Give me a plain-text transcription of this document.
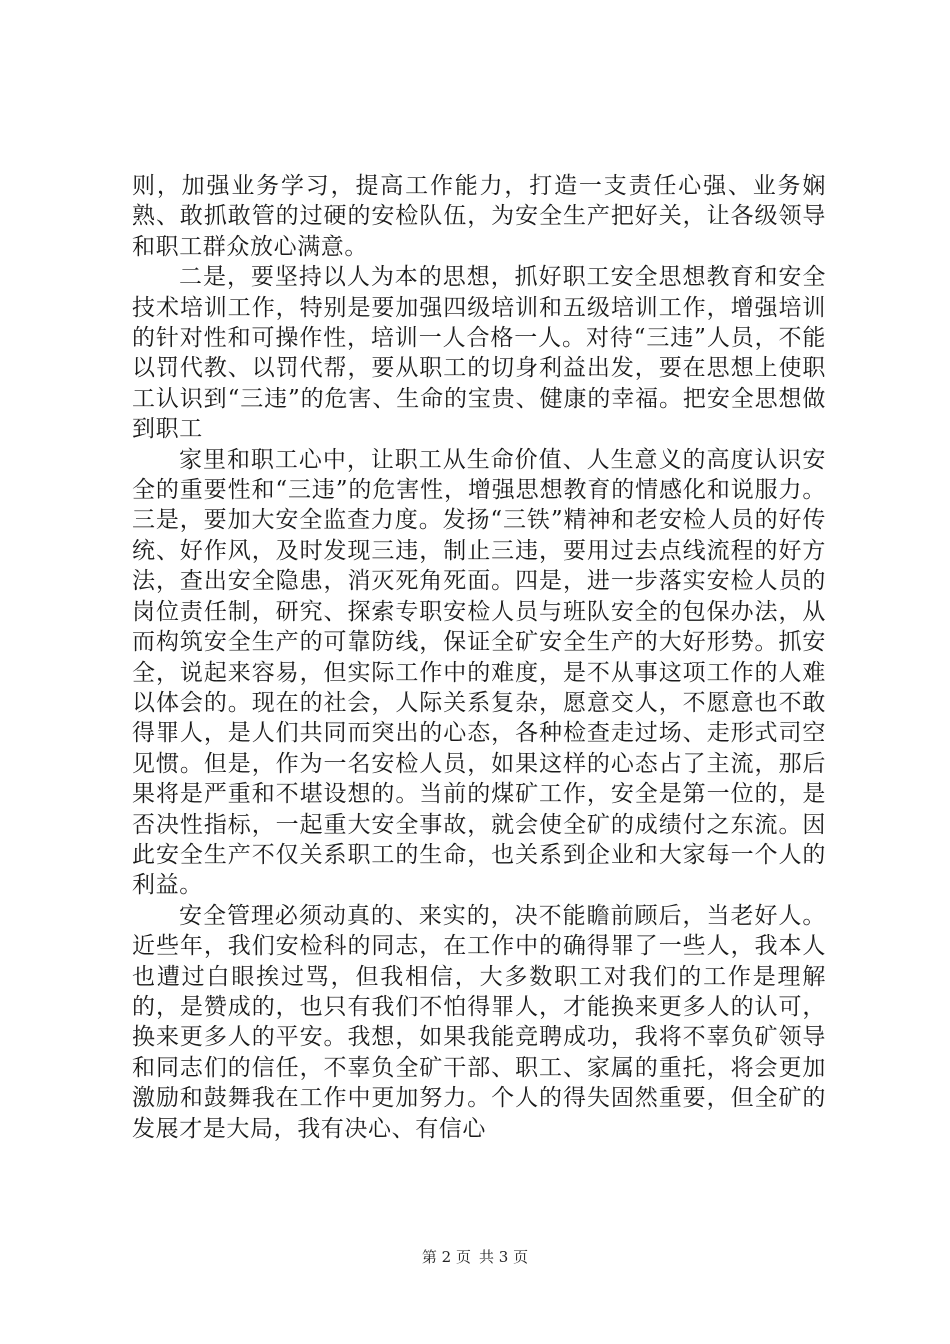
则，加强业务学习，提高工作能力，打造一支责任心强、业务娴熟、敢抓敢管的过硬的安检队伍，为安全生产把好关，让各级领导和职工群众放心满意。

二是，要坚持以人为本的思想，抓好职工安全思想教育和安全技术培训工作，特别是要加强四级培训和五级培训工作，增强培训的针对性和可操作性，培训一人合格一人。对待“三违”人员，不能以罚代教、以罚代帮，要从职工的切身利益出发，要在思想上使职工认识到“三违”的危害、生命的宝贵、健康的幸福。把安全思想做到职工

家里和职工心中，让职工从生命价值、人生意义的高度认识安全的重要性和“三违”的危害性，增强思想教育的情感化和说服力。三是，要加大安全监查力度。发扬“三铁”精神和老安检人员的好传统、好作风，及时发现三违，制止三违，要用过去点线流程的好方法，查出安全隐患，消灭死角死面。四是，进一步落实安检人员的岗位责任制，研究、探索专职安检人员与班队安全的包保办法，从而构筑安全生产的可靠防线，保证全矿安全生产的大好形势。抓安全，说起来容易，但实际工作中的难度，是不从事这项工作的人难以体会的。现在的社会，人际关系复杂，愿意交人，不愿意也不敢得罪人，是人们共同而突出的心态，各种检查走过场、走形式司空见惯。但是，作为一名安检人员，如果这样的心态占了主流，那后果将是严重和不堪设想的。当前的煤矿工作，安全是第一位的，是否决性指标，一起重大安全事故，就会使全矿的成绩付之东流。因此安全生产不仅关系职工的生命，也关系到企业和大家每一个人的利益。

安全管理必须动真的、来实的，决不能瞻前顾后，当老好人。近些年，我们安检科的同志，在工作中的确得罪了一些人，我本人也遭过白眼挨过骂，但我相信，大多数职工对我们的工作是理解的，是赞成的，也只有我们不怕得罪人，才能换来更多人的认可，换来更多人的平安。我想，如果我能竞聘成功，我将不辜负矿领导和同志们的信任，不辜负全矿干部、职工、家属的重托，将会更加激励和鼓舞我在工作中更加努力。个人的得失固然重要，但全矿的发展才是大局，我有决心、有信心

第 2 页 共 3 页
